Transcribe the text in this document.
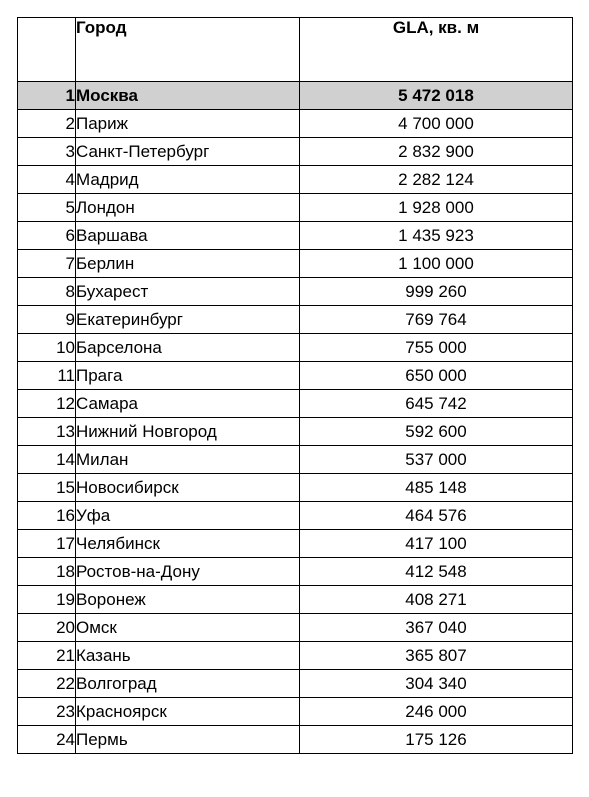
	Город	GLA, кв. м
1	Москва	5 472 018
2	Париж	4 700 000
3	Санкт-Петербург	2 832 900
4	Мадрид	2 282 124
5	Лондон	1 928 000
6	Варшава	1 435 923
7	Берлин	1 100 000
8	Бухарест	999 260
9	Екатеринбург	769 764
10	Барселона	755 000
11	Прага	650 000
12	Самара	645 742
13	Нижний Новгород	592 600
14	Милан	537 000
15	Новосибирск	485 148
16	Уфа	464 576
17	Челябинск	417 100
18	Ростов-на-Дону	412 548
19	Воронеж	408 271
20	Омск	367 040
21	Казань	365 807
22	Волгоград	304 340
23	Красноярск	246 000
24	Пермь	175 126
